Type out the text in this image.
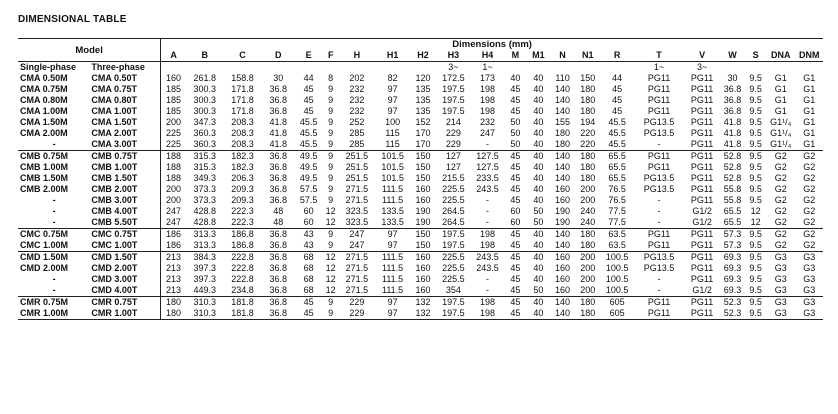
DIMENSIONAL TABLE
Model		Dimensions (mm)																					
		A	B	C	D	E	F	H	H1	H2	H3	H4	M	M1	N	N1	R	T	V	W	S	DNA	DNM
Single-phase	Three-phase										3~	1~						1~	3~				
CMA 0.50M	CMA 0.50T	160	261.8	158.8	30	44	8	202	82	120	172.5	173	40	40	110	150	44	PG11	PG11	30	9.5	G1	G1
CMA 0.75M	CMA 0.75T	185	300.3	171.8	36.8	45	9	232	97	135	197.5	198	45	40	140	180	45	PG11	PG11	36.8	9.5	G1	G1
CMA 0.80M	CMA 0.80T	185	300.3	171.8	36.8	45	9	232	97	135	197.5	198	45	40	140	180	45	PG11	PG11	36.8	9.5	G1	G1
CMA 1.00M	CMA 1.00T	185	300.3	171.8	36.8	45	9	232	97	135	197.5	198	45	40	140	180	45	PG11	PG11	36.8	9.5	G1	G1
CMA 1.50M	CMA 1.50T	200	347.3	208.3	41.8	45.5	9	252	100	152	214	232	50	40	155	194	45.5	PG13.5	PG11	41.8	9.5	G1¹/₄	G1
CMA 2.00M	CMA 2.00T	225	360.3	208.3	41.8	45.5	9	285	115	170	229	247	50	40	180	220	45.5	PG13.5	PG11	41.8	9.5	G1¹/₄	G1
-	CMA 3.00T	225	360.3	208.3	41.8	45.5	9	285	115	170	229	-	50	40	180	220	45.5	-	PG11	41.8	9.5	G1¹/₄	G1
CMB 0.75M	CMB 0.75T	188	315.3	182.3	36.8	49.5	9	251.5	101.5	150	127	127.5	45	40	140	180	65.5	PG11	PG11	52.8	9.5	G2	G2
CMB 1.00M	CMB 1.00T	188	315.3	182.3	36.8	49.5	9	251.5	101.5	150	127	127.5	45	40	140	180	65.5	PG11	PG11	52.8	9.5	G2	G2
CMB 1.50M	CMB 1.50T	188	349.3	206.3	36.8	49.5	9	251.5	101.5	150	215.5	233.5	45	40	140	180	65.5	PG13.5	PG11	52.8	9.5	G2	G2
CMB 2.00M	CMB 2.00T	200	373.3	209.3	36.8	57.5	9	271.5	111.5	160	225.5	243.5	45	40	160	200	76.5	PG13.5	PG11	55.8	9.5	G2	G2
-	CMB 3.00T	200	373.3	209.3	36.8	57.5	9	271.5	111.5	160	225.5	-	45	40	160	200	76.5	-	PG11	55.8	9.5	G2	G2
-	CMB 4.00T	247	428.8	222.3	48	60	12	323.5	133.5	190	264.5	-	60	50	190	240	77.5	-	G1/2	65.5	12	G2	G2
-	CMB 5.50T	247	428.8	222.3	48	60	12	323.5	133.5	190	264.5	-	60	50	190	240	77.5	-	G1/2	65.5	12	G2	G2
CMC 0.75M	CMC 0.75T	186	313.3	186.8	36.8	43	9	247	97	150	197.5	198	45	40	140	180	63.5	PG11	PG11	57.3	9.5	G2	G2
CMC 1.00M	CMC 1.00T	186	313.3	186.8	36.8	43	9	247	97	150	197.5	198	45	40	140	180	63.5	PG11	PG11	57.3	9.5	G2	G2
CMD 1.50M	CMD 1.50T	213	384.3	222.8	36.8	68	12	271.5	111.5	160	225.5	243.5	45	40	160	200	100.5	PG13.5	PG11	69.3	9.5	G3	G3
CMD 2.00M	CMD 2.00T	213	397.3	222.8	36.8	68	12	271.5	111.5	160	225.5	243.5	45	40	160	200	100.5	PG13.5	PG11	69.3	9.5	G3	G3
-	CMD 3.00T	213	397.3	222.8	36.8	68	12	271.5	111.5	160	225.5	-	45	40	160	200	100.5	-	PG11	69.3	9.5	G3	G3
-	CMD 4.00T	213	449.3	234.8	36.8	68	12	271.5	111.5	160	354	-	45	50	160	200	100.5	-	G1/2	69.3	9.5	G3	G3
CMR 0.75M	CMR 0.75T	180	310.3	181.8	36.8	45	9	229	97	132	197.5	198	45	40	140	180	605	PG11	PG11	52.3	9.5	G3	G3
CMR 1.00M	CMR 1.00T	180	310.3	181.8	36.8	45	9	229	97	132	197.5	198	45	40	140	180	605	PG11	PG11	52.3	9.5	G3	G3
